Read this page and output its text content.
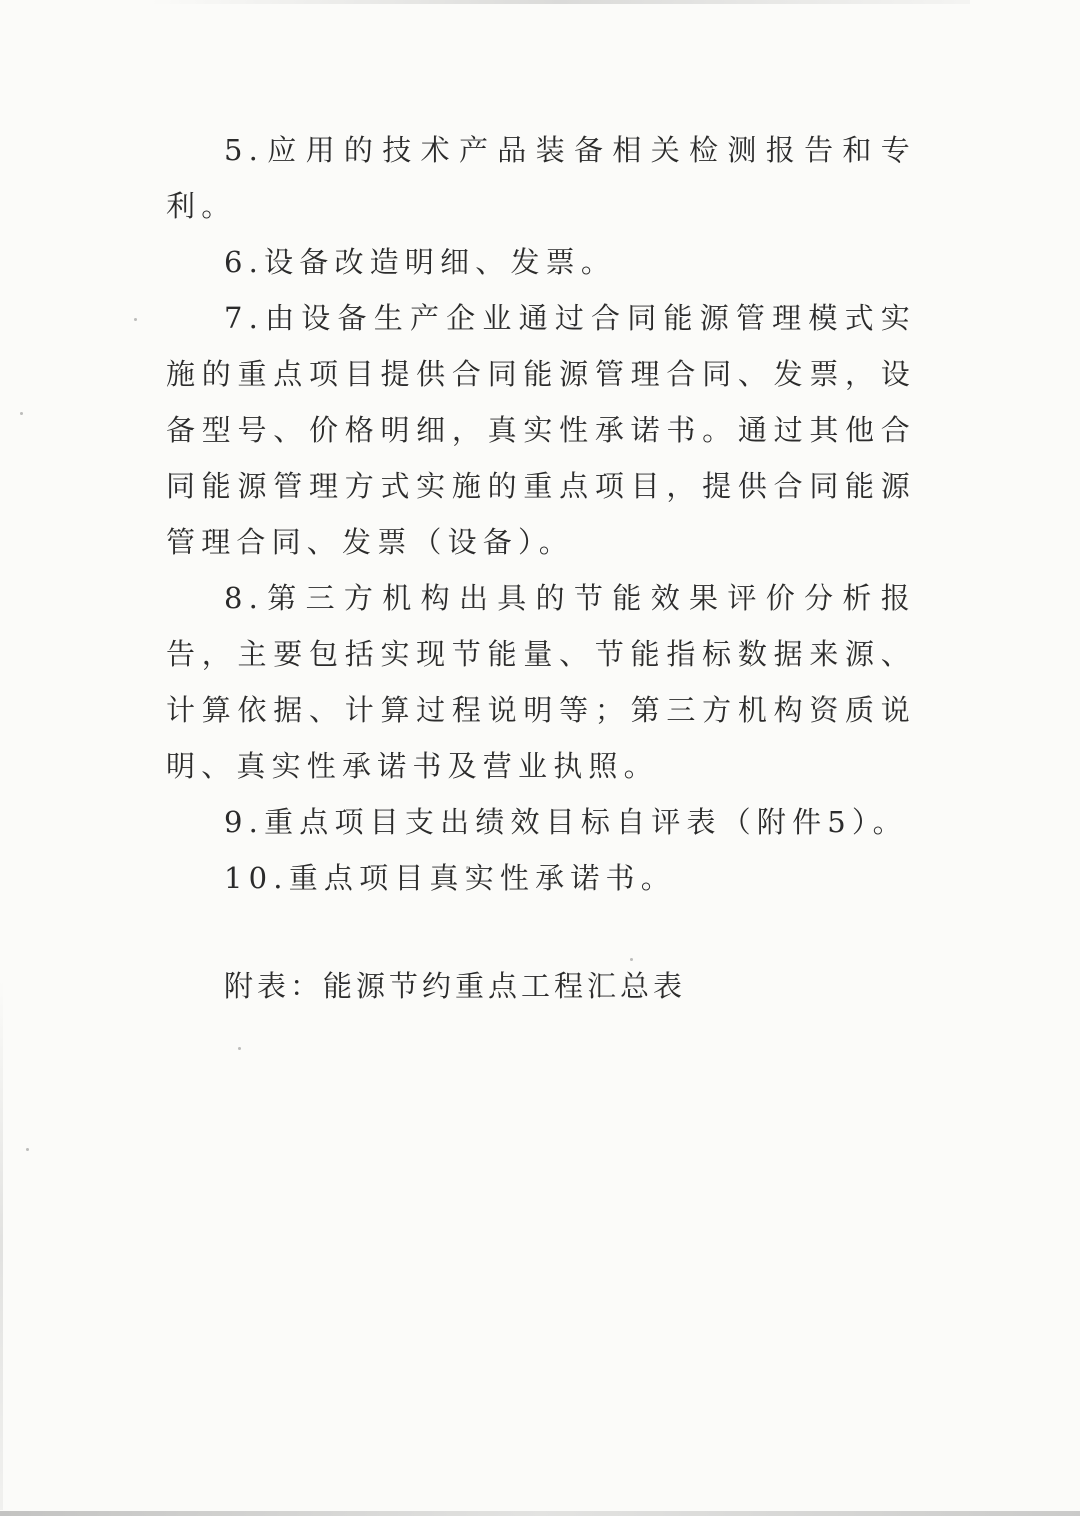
5.应用的技术产品装备相关检测报告和专利。

6.设备改造明细、发票。

7.由设备生产企业通过合同能源管理模式实施的重点项目提供合同能源管理合同、发票，设备型号、价格明细，真实性承诺书。通过其他合同能源管理方式实施的重点项目，提供合同能源管理合同、发票（设备）。

8.第三方机构出具的节能效果评价分析报告，主要包括实现节能量、节能指标数据来源、计算依据、计算过程说明等；第三方机构资质说明、真实性承诺书及营业执照。

9.重点项目支出绩效目标自评表（附件5）。

10.重点项目真实性承诺书。

附表：能源节约重点工程汇总表
